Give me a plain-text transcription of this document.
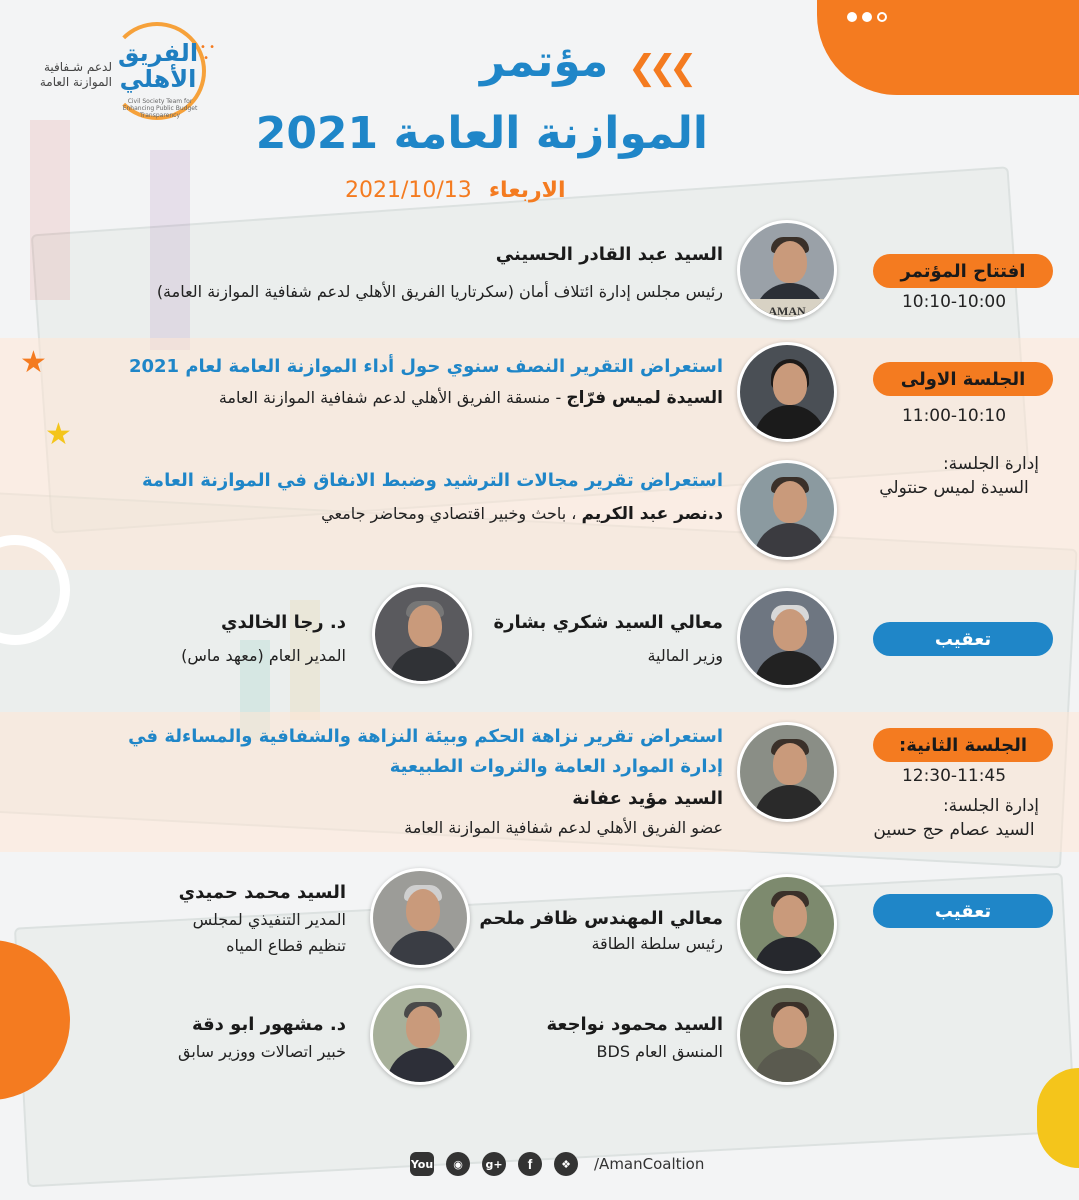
★
★
الفريق الأهلي
لدعم شـفافية
الموازنة العامة
Civil Society Team for Enhancing Public Budget Transparency
• •
•	مؤتمر ❮❮❮
الموازنة العامة 2021
2021/10/13 الاربعاء
افتتاح المؤتمر
10:10-10:00
AMAN
السيد عبد القادر الحسيني
رئيس مجلس إدارة ائتلاف أمان (سكرتاريا الفريق الأهلي لدعم شفافية الموازنة العامة)
الجلسة الاولى
11:00-10:10
إدارة الجلسة:
السيدة لميس حنتولي
استعراض التقرير النصف سنوي حول أداء الموازنة العامة لعام 2021
السيدة لميس فرّاج - منسقة الفريق الأهلي لدعم شفافية الموازنة العامة
استعراض تقرير مجالات الترشيد وضبط الانفاق في الموازنة العامة
د.نصر عبد الكريم ، باحث وخبير اقتصادي ومحاضر جامعي
تعقيب
معالي السيد شكري بشارة
وزير المالية
د. رجا الخالدي
المدير العام (معهد ماس)
الجلسة الثانية:
12:30-11:45
إدارة الجلسة:
السيد عصام حج حسين
استعراض تقرير نزاهة الحكم وبيئة النزاهة والشفافية والمساءلة في
إدارة الموارد العامة والثروات الطبيعية
السيد مؤيد عفانة
عضو الفريق الأهلي لدعم شفافية الموازنة العامة
تعقيب
معالي المهندس ظافر ملحم
رئيس سلطة الطاقة
السيد محمد حميدي
المدير التنفيذي لمجلس
تنظيم قطاع المياه
السيد محمود نواجعة
المنسق العام BDS
د. مشهور ابو دقة
خبير اتصالات ووزير سابق
You	◉	g+	f	❖	/AmanCoaltion
